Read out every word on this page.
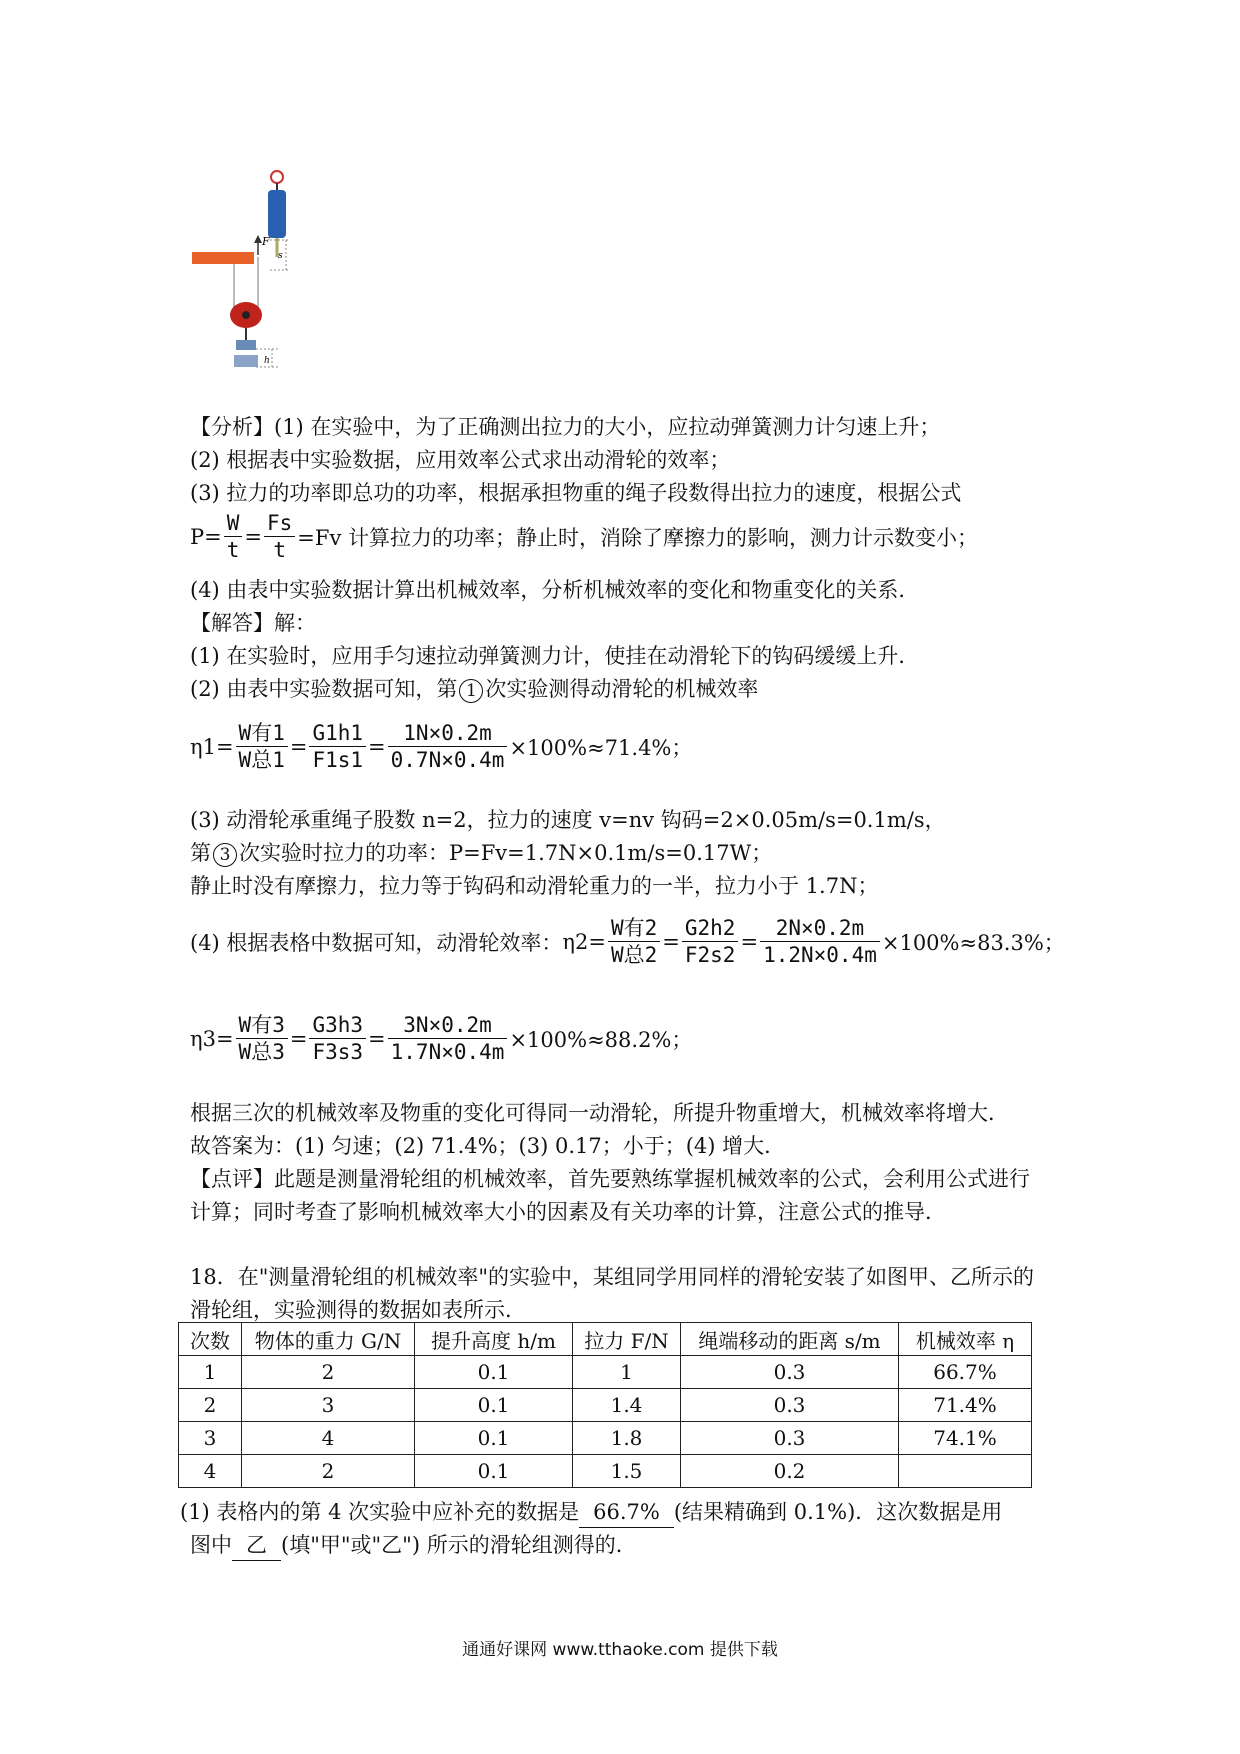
F
s
h
【分析】(1) 在实验中，为了正确测出拉力的大小，应拉动弹簧测力计匀速上升；
(2) 根据表中实验数据，应用效率公式求出动滑轮的效率；
(3) 拉力的功率即总功的功率，根据承担物重的绳子段数得出拉力的速度，根据公式
$P= \frac{W}{t} = \frac{Fs}{t} =Fv$ 计算拉力的功率；静止时，消除了摩擦力的影响，测力计示数变小；
(4) 由表中实验数据计算出机械效率，分析机械效率的变化和物重变化的关系．
【解答】解：
(1) 在实验时，应用手匀速拉动弹簧测力计，使挂在动滑轮下的钩码缓缓上升．
(2) 由表中实验数据可知，第 1 次实验测得动滑轮的机械效率
$\eta 1= \frac{\text{W有1}}{\text{W总1}} = \frac{G1h1}{F1s1} = \frac{1N\times 0.2m}{0.7N\times 0.4m} \times 100\%\approx 71.4\%$；
(3) 动滑轮承重绳子股数 n=2，拉力的速度 v=nv 钩码=2×0.05m/s=0.1m/s，
第 3 次实验时拉力的功率：P=Fv=1.7N×0.1m/s=0.17W；
静止时没有摩擦力，拉力等于钩码和动滑轮重力的一半，拉力小于 1.7N；
(4) 根据表格中数据可知，动滑轮效率： $\eta 2= \frac{\text{W有2}}{\text{W总2}} = \frac{G2h2}{F2s2} = \frac{2N\times 0.2m}{1.2N\times 0.4m} \times 100\%\approx 83.3\%$；
$\eta 3= \frac{\text{W有3}}{\text{W总3}} = \frac{G3h3}{F3s3} = \frac{3N\times 0.2m}{1.7N\times 0.4m} \times 100\%\approx 88.2\%$；
根据三次的机械效率及物重的变化可得同一动滑轮，所提升物重增大，机械效率将增大．
故答案为：(1) 匀速；(2) 71.4%；(3) 0.17；小于；(4) 增大．
【点评】此题是测量滑轮组的机械效率，首先要熟练掌握机械效率的公式，会利用公式进行
计算；同时考查了影响机械效率大小的因素及有关功率的计算，注意公式的推导．
18．在"测量滑轮组的机械效率"的实验中，某组同学用同样的滑轮安装了如图甲、乙所示的
滑轮组，实验测得的数据如表所示．
次数	物体的重力 G/N	提升高度 h/m	拉力 F/N	绳端移动的距离 s/m	机械效率 η
1	2	0.1	1	0.3	66.7%
2	3	0.1	1.4	0.3	71.4%
3	4	0.1	1.8	0.3	74.1%
4	2	0.1	1.5	0.2	
(1) 表格内的第 4 次实验中应补充的数据是 66.7% (结果精确到 0.1%)．这次数据是用
图中 乙 (填"甲"或"乙") 所示的滑轮组测得的．
通通好课网 www.tthaoke.com 提供下载
